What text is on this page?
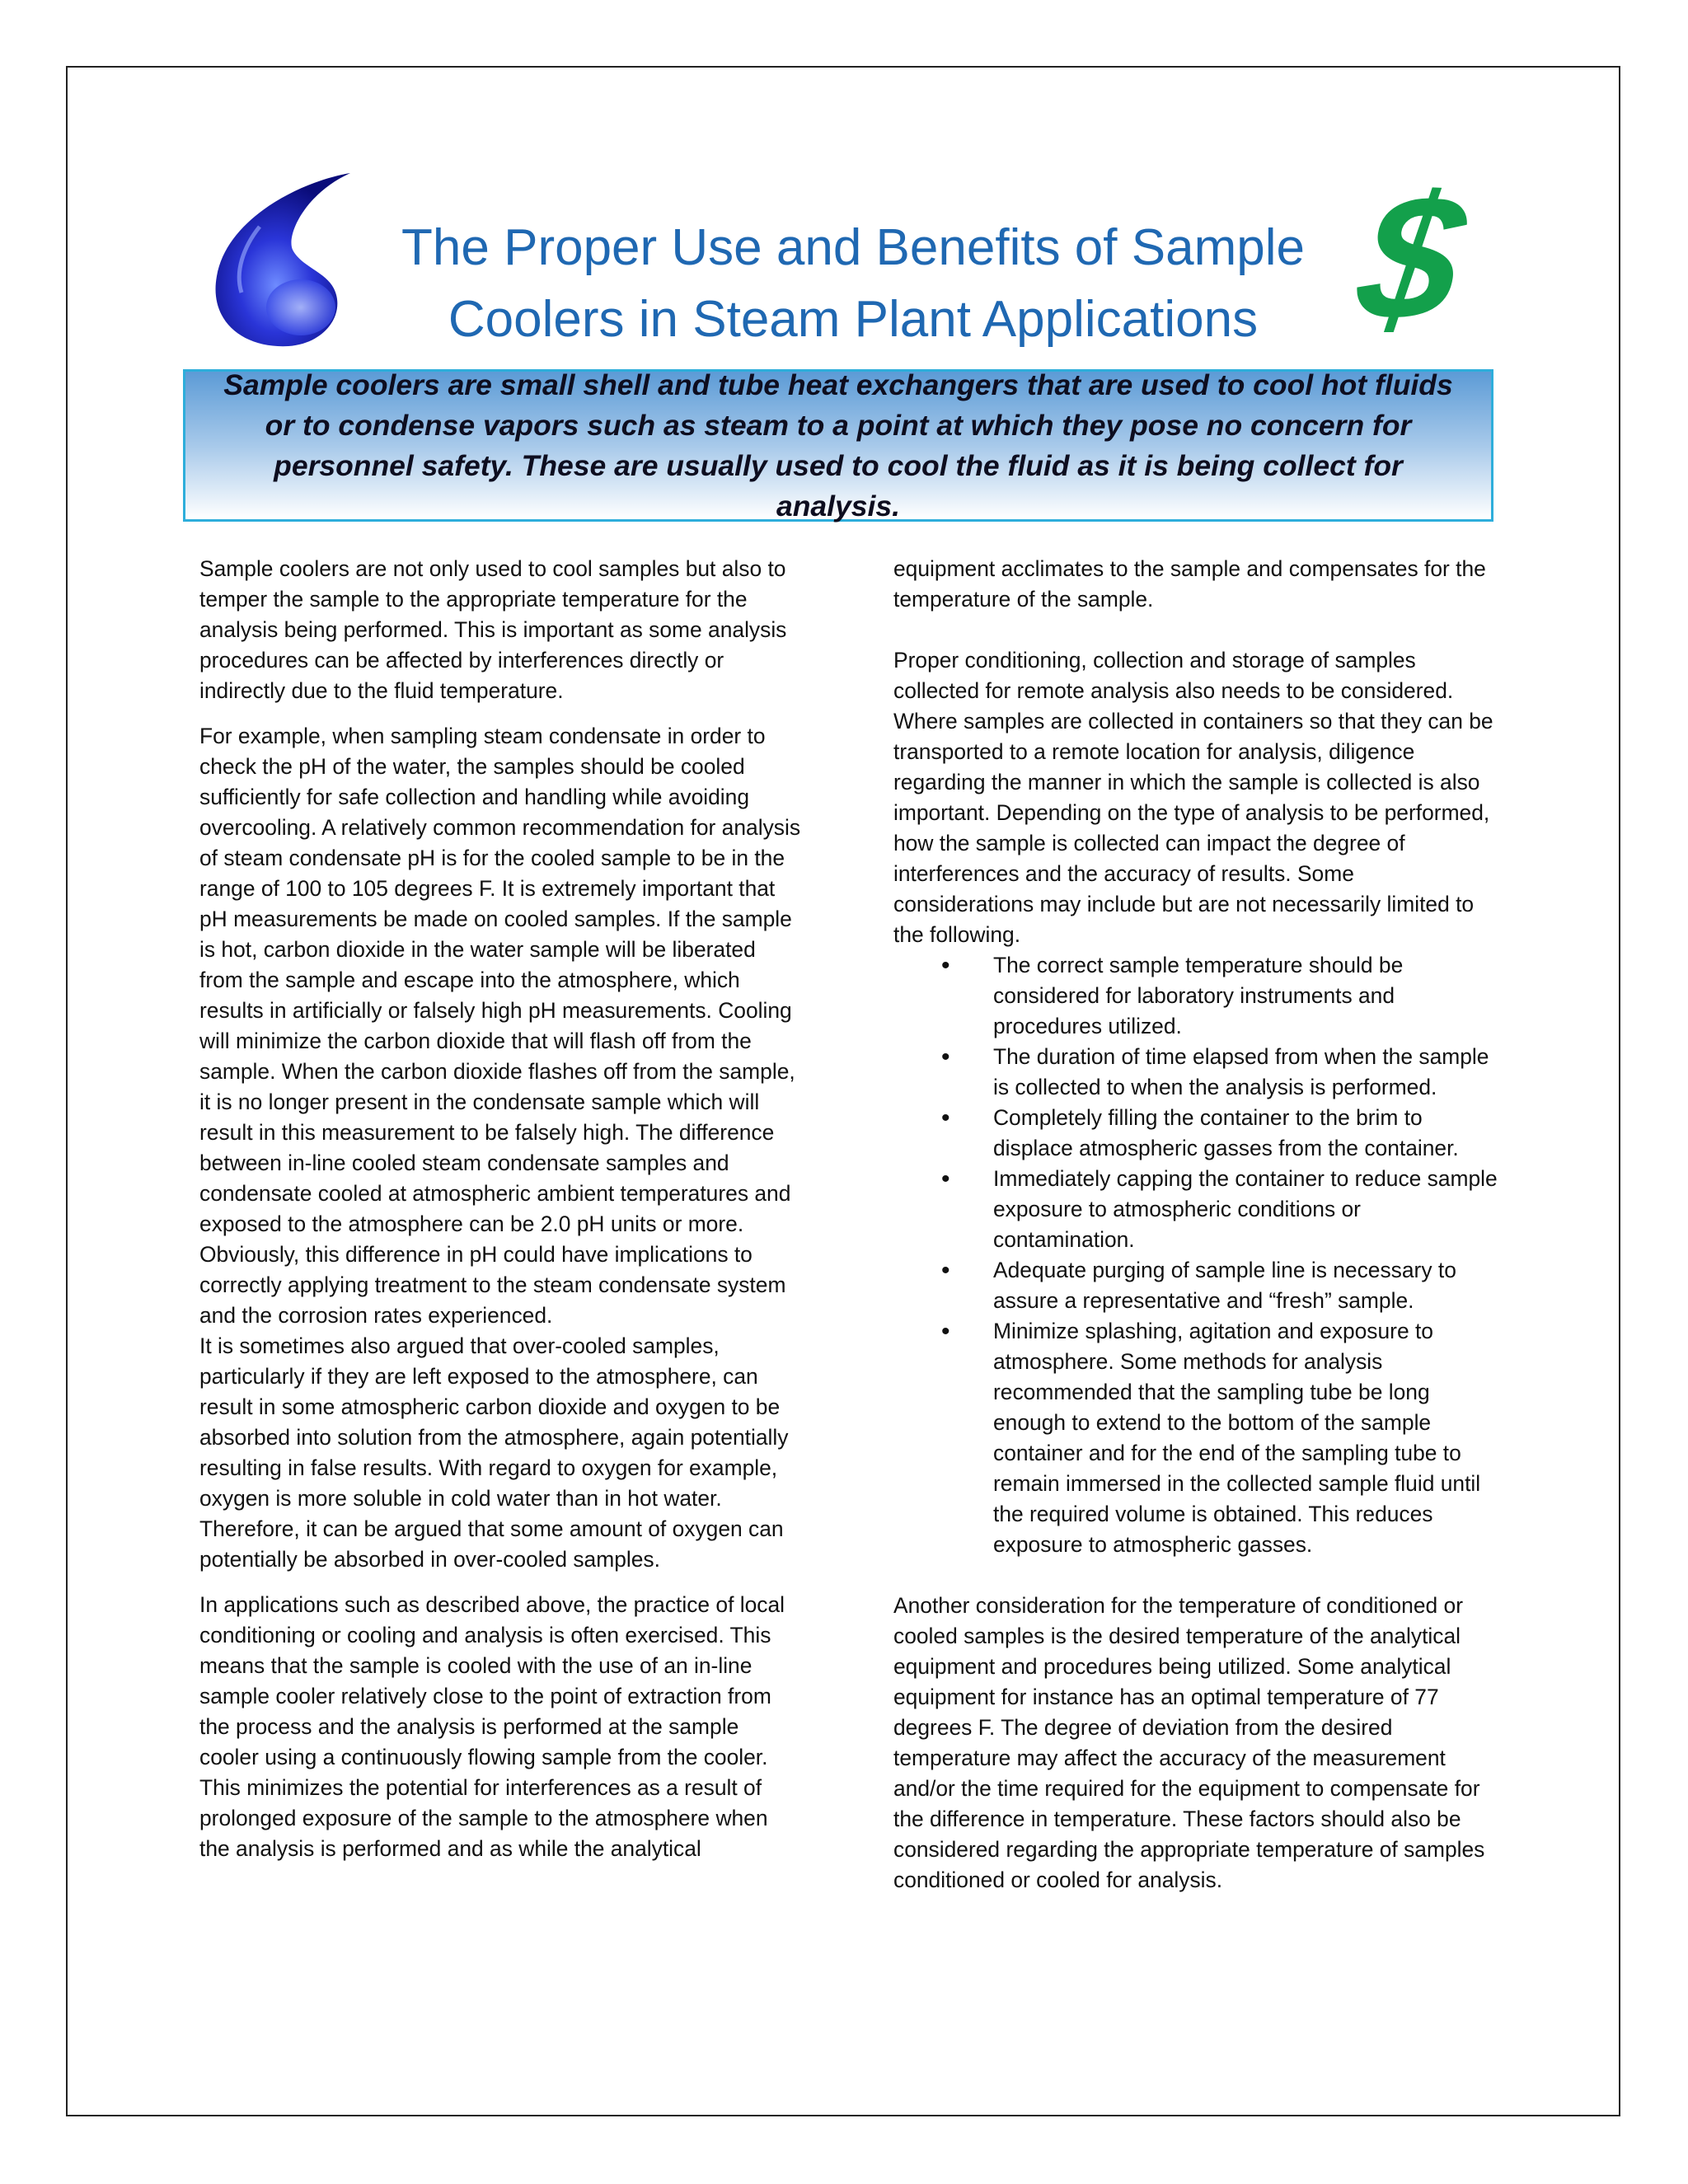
$
The Proper Use and Benefits of Sample Coolers in Steam Plant Applications

Sample coolers are small shell and tube heat exchangers that are used to cool hot fluids or to condense vapors such as steam to a point at which they pose no concern for personnel safety. These are usually used to cool the fluid as it is being collect for analysis.

Sample coolers are not only used to cool samples but also to temper the sample to the appropriate temperature for the analysis being performed. This is important as some analysis procedures can be affected by interferences directly or indirectly due to the fluid temperature.

For example, when sampling steam condensate in order to check the pH of the water, the samples should be cooled sufficiently for safe collection and handling while avoiding overcooling. A relatively common recommendation for analysis of steam condensate pH is for the cooled sample to be in the range of 100 to 105 degrees F. It is extremely important that pH measurements be made on cooled samples. If the sample is hot, carbon dioxide in the water sample will be liberated from the sample and escape into the atmosphere, which results in artificially or falsely high pH measurements. Cooling will minimize the carbon dioxide that will flash off from the sample. When the carbon dioxide flashes off from the sample, it is no longer present in the condensate sample which will result in this measurement to be falsely high. The difference between in-line cooled steam condensate samples and condensate cooled at atmospheric ambient temperatures and exposed to the atmosphere can be 2.0 pH units or more. Obviously, this difference in pH could have implications to correctly applying treatment to the steam condensate system and the corrosion rates experienced.

It is sometimes also argued that over-cooled samples, particularly if they are left exposed to the atmosphere, can result in some atmospheric carbon dioxide and oxygen to be absorbed into solution from the atmosphere, again potentially resulting in false results. With regard to oxygen for example, oxygen is more soluble in cold water than in hot water. Therefore, it can be argued that some amount of oxygen can potentially be absorbed in over-cooled samples.

In applications such as described above, the practice of local conditioning or cooling and analysis is often exercised. This means that the sample is cooled with the use of an in-line sample cooler relatively close to the point of extraction from the process and the analysis is performed at the sample cooler using a continuously flowing sample from the cooler. This minimizes the potential for interferences as a result of prolonged exposure of the sample to the atmosphere when the analysis is performed and as while the analytical

equipment acclimates to the sample and compensates for the temperature of the sample.

Proper conditioning, collection and storage of samples collected for remote analysis also needs to be considered. Where samples are collected in containers so that they can be transported to a remote location for analysis, diligence regarding the manner in which the sample is collected is also important. Depending on the type of analysis to be performed, how the sample is collected can impact the degree of interferences and the accuracy of results. Some considerations may include but are not necessarily limited to the following.

• The correct sample temperature should be considered for laboratory instruments and procedures utilized.
• The duration of time elapsed from when the sample is collected to when the analysis is performed.
• Completely filling the container to the brim to displace atmospheric gasses from the container.
• Immediately capping the container to reduce sample exposure to atmospheric conditions or contamination.
• Adequate purging of sample line is necessary to assure a representative and “fresh” sample.
• Minimize splashing, agitation and exposure to atmosphere. Some methods for analysis recommended that the sampling tube be long enough to extend to the bottom of the sample container and for the end of the sampling tube to remain immersed in the collected sample fluid until the required volume is obtained. This reduces exposure to atmospheric gasses.

Another consideration for the temperature of conditioned or cooled samples is the desired temperature of the analytical equipment and procedures being utilized. Some analytical equipment for instance has an optimal temperature of 77 degrees F. The degree of deviation from the desired temperature may affect the accuracy of the measurement and/or the time required for the equipment to compensate for the difference in temperature. These factors should also be considered regarding the appropriate temperature of samples conditioned or cooled for analysis.
